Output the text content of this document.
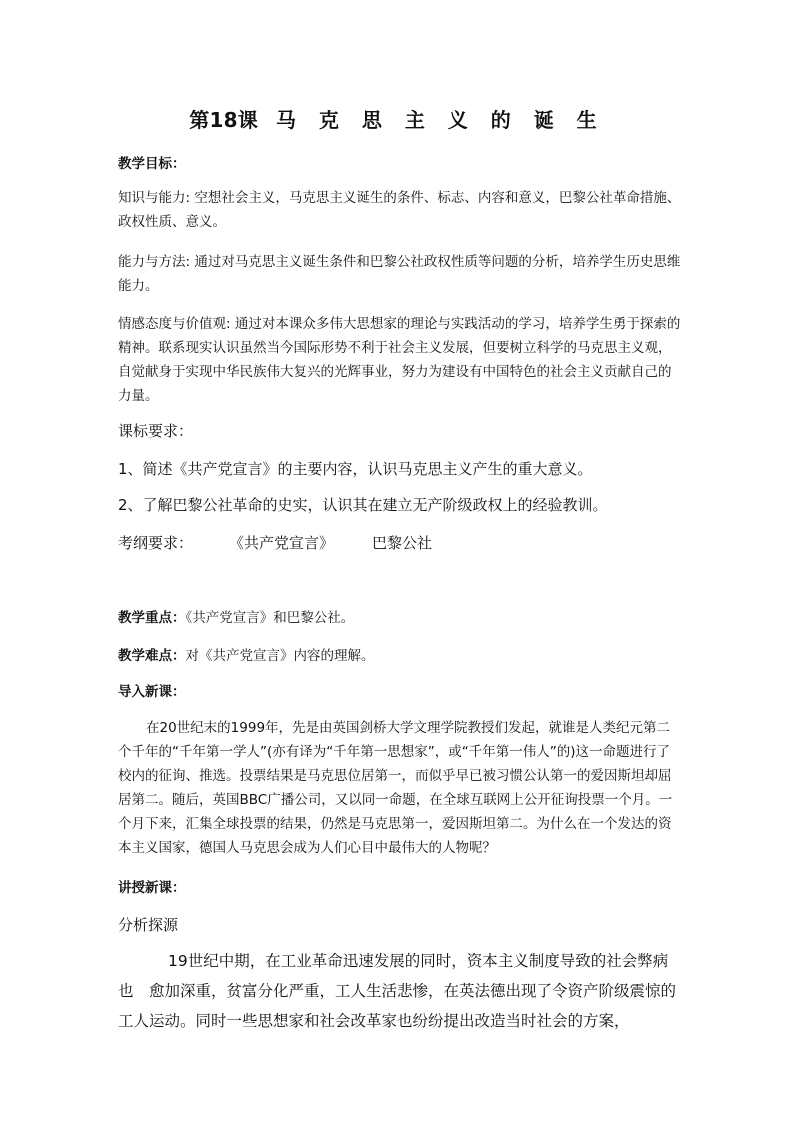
第18课 马 克 思 主 义 的 诞 生
教学目标：
知识与能力: 空想社会主义，马克思主义诞生的条件、标志、内容和意义，巴黎公社革命措施、政权性质、意义。
能力与方法: 通过对马克思主义诞生条件和巴黎公社政权性质等问题的分析，培养学生历史思维能力。
情感态度与价值观: 通过对本课众多伟大思想家的理论与实践活动的学习，培养学生勇于探索的精神。联系现实认识虽然当今国际形势不利于社会主义发展，但要树立科学的马克思主义观，自觉献身于实现中华民族伟大复兴的光辉事业，努力为建设有中国特色的社会主义贡献自己的力量。
课标要求：
1、简述《共产党宣言》的主要内容，认识马克思主义产生的重大意义。
2、了解巴黎公社革命的史实，认识其在建立无产阶级政权上的经验教训。
考纲要求： 《共产党宣言》	巴黎公社
教学重点：《共产党宣言》和巴黎公社。
教学难点：对《共产党宣言》内容的理解。
导入新课：
在20世纪末的1999年，先是由英国剑桥大学文理学院教授们发起，就谁是人类纪元第二个千年的“千年第一学人”(亦有译为“千年第一思想家”，或“千年第一伟人”的)这一命题进行了校内的征询、推选。投票结果是马克思位居第一，而似乎早已被习惯公认第一的爱因斯坦却屈居第二。随后，英国BBC广播公司，又以同一命题，在全球互联网上公开征询投票一个月。一个月下来，汇集全球投票的结果，仍然是马克思第一，爱因斯坦第二。为什么在一个发达的资本主义国家，德国人马克思会成为人们心目中最伟大的人物呢？
讲授新课：
分析探源
19世纪中期，在工业革命迅速发展的同时，资本主义制度导致的社会弊病也　愈加深重，贫富分化严重，工人生活悲惨，在英法德出现了令资产阶级震惊的工人运动。同时一些思想家和社会改革家也纷纷提出改造当时社会的方案，
